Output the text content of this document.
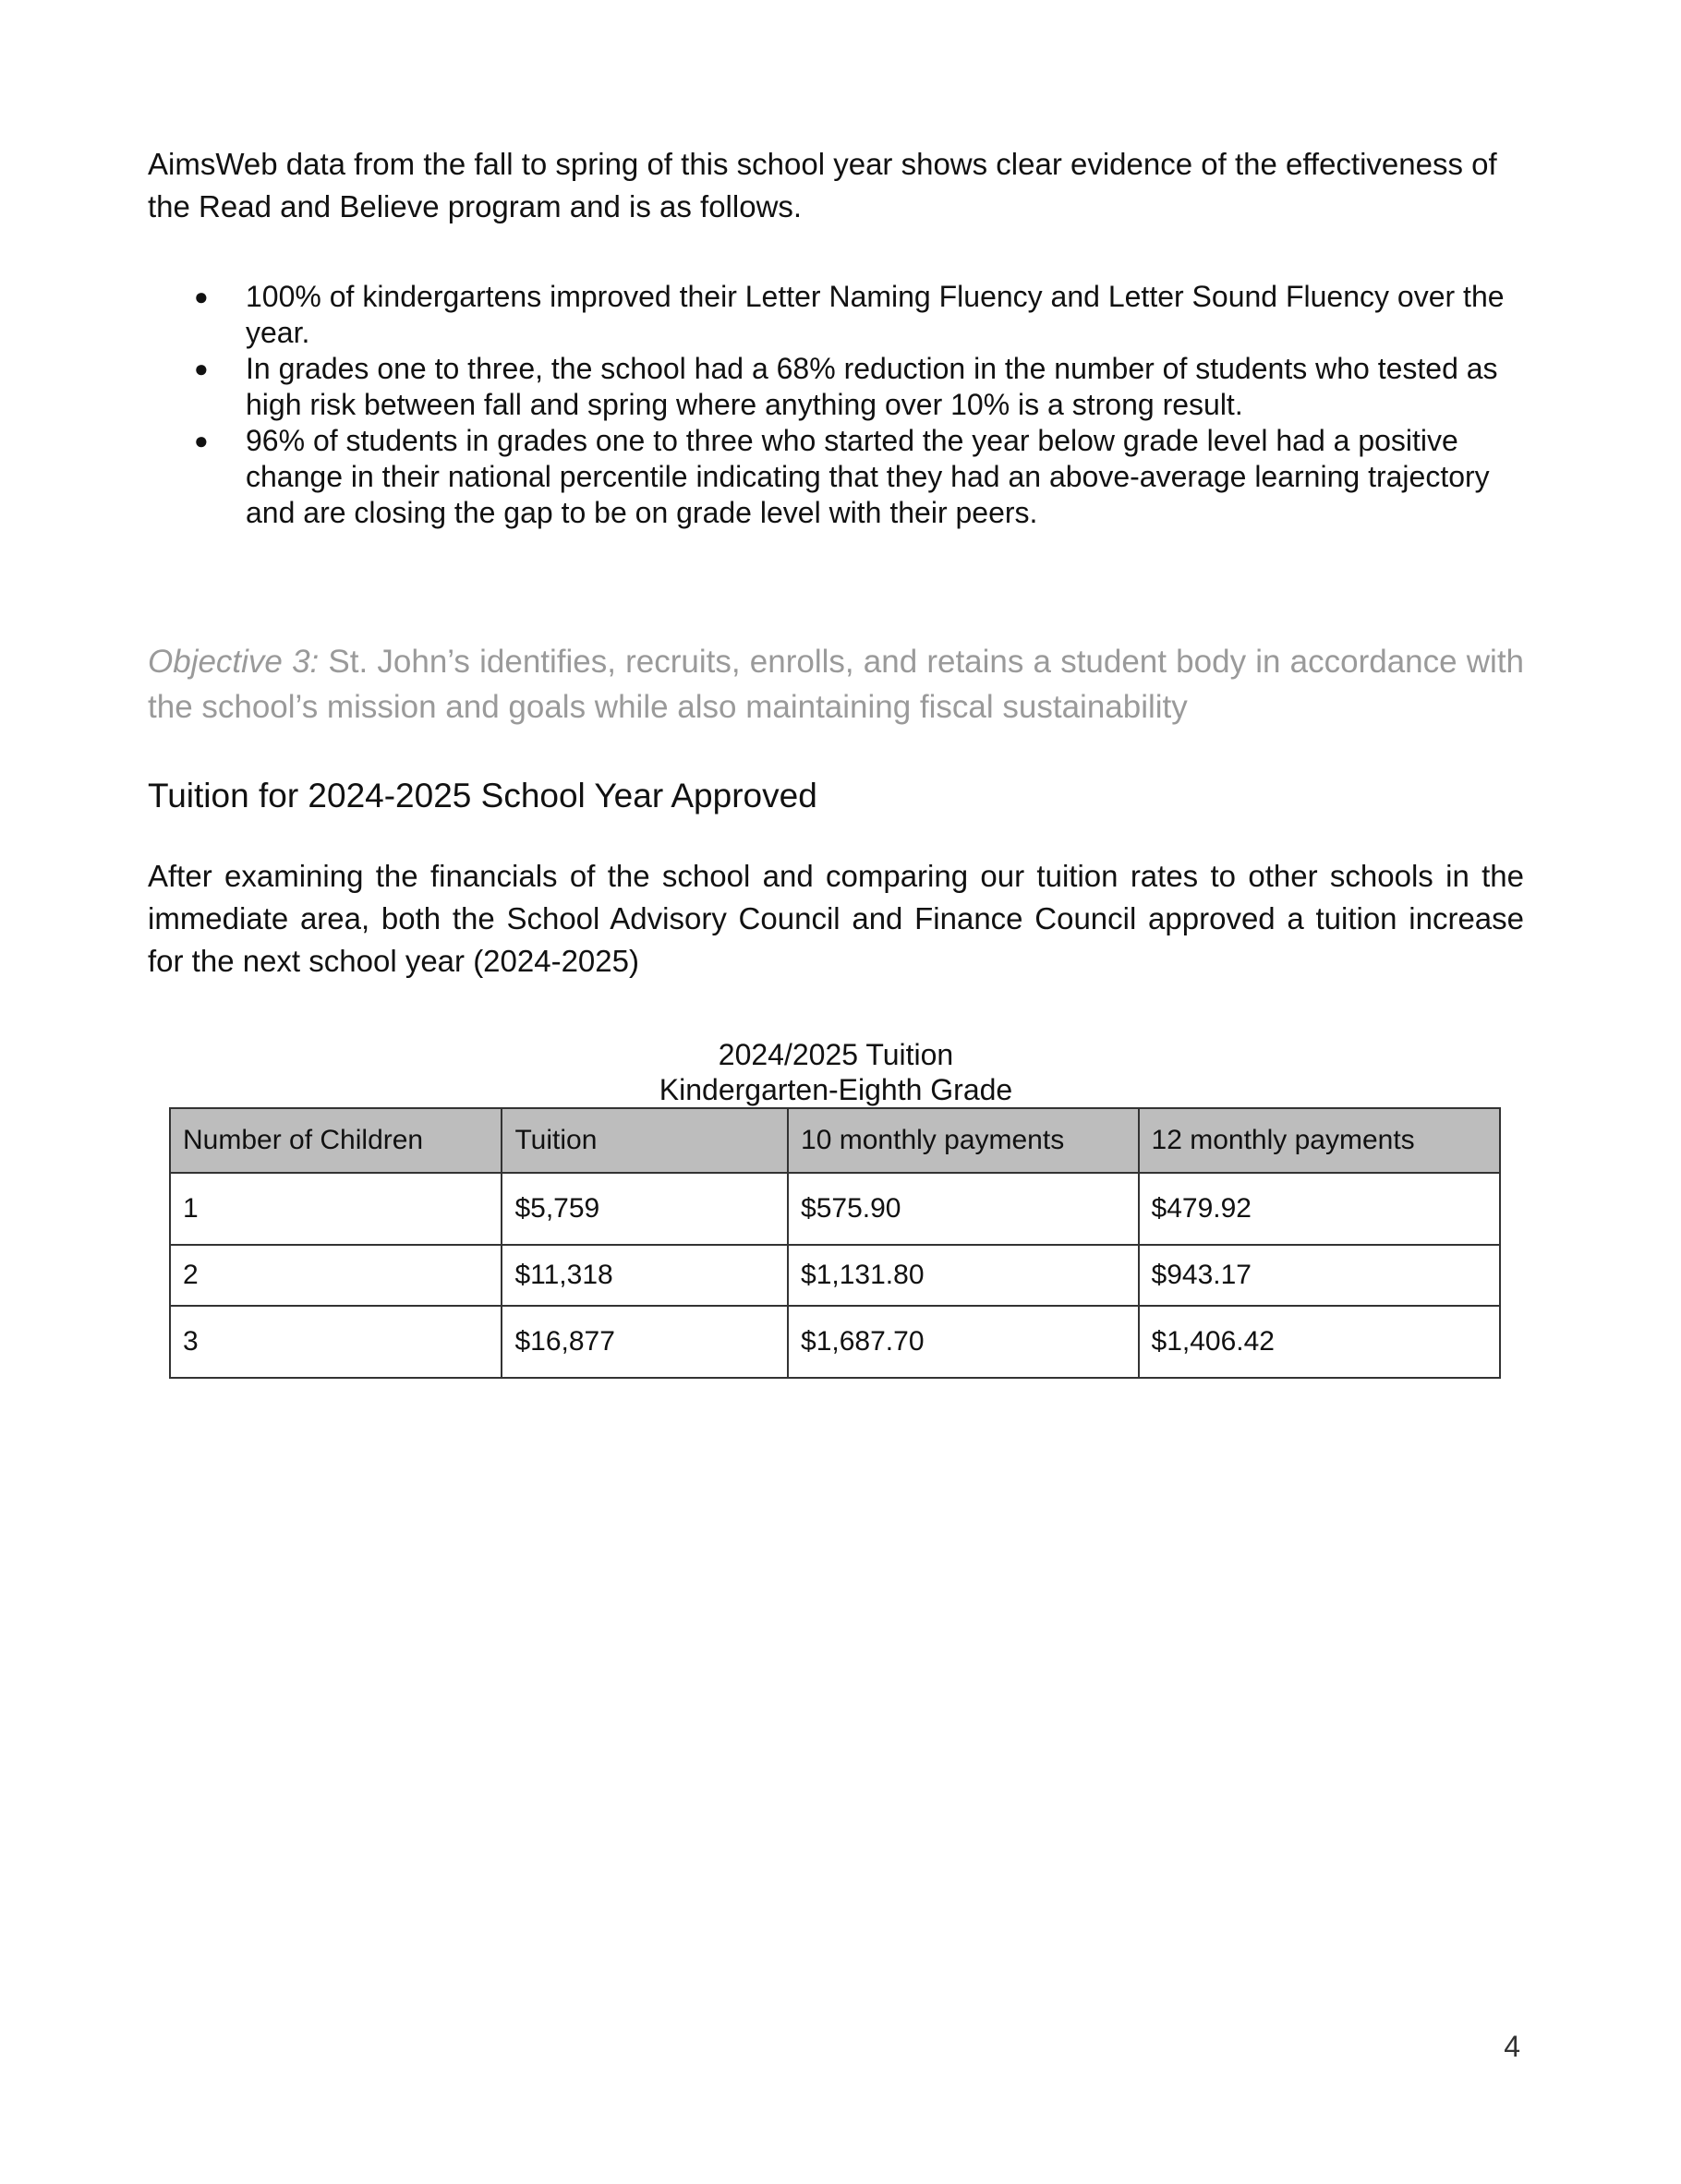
AimsWeb data from the fall to spring of this school year shows clear evidence of the effectiveness of
the Read and Believe program and is as follows.

● 100% of kindergartens improved their Letter Naming Fluency and Letter Sound Fluency over the year.
● In grades one to three, the school had a 68% reduction in the number of students who tested as high risk between fall and spring where anything over 10% is a strong result.
● 96% of students in grades one to three who started the year below grade level had a positive change in their national percentile indicating that they had an above-average learning trajectory and are closing the gap to be on grade level with their peers.

Objective 3: St. John’s identifies, recruits, enrolls, and retains a student body in accordance with the school’s mission and goals while also maintaining fiscal sustainability

Tuition for 2024-2025 School Year Approved

After examining the financials of the school and comparing our tuition rates to other schools in the immediate area, both the School Advisory Council and Finance Council approved a tuition increase for the next school year (2024-2025)

2024/2025 Tuition

Kindergarten-Eighth Grade

Number of Children	Tuition	10 monthly payments	12 monthly payments
1	$5,759	$575.90	$479.92
2	$11,318	$1,131.80	$943.17
3	$16,877	$1,687.70	$1,406.42
4
